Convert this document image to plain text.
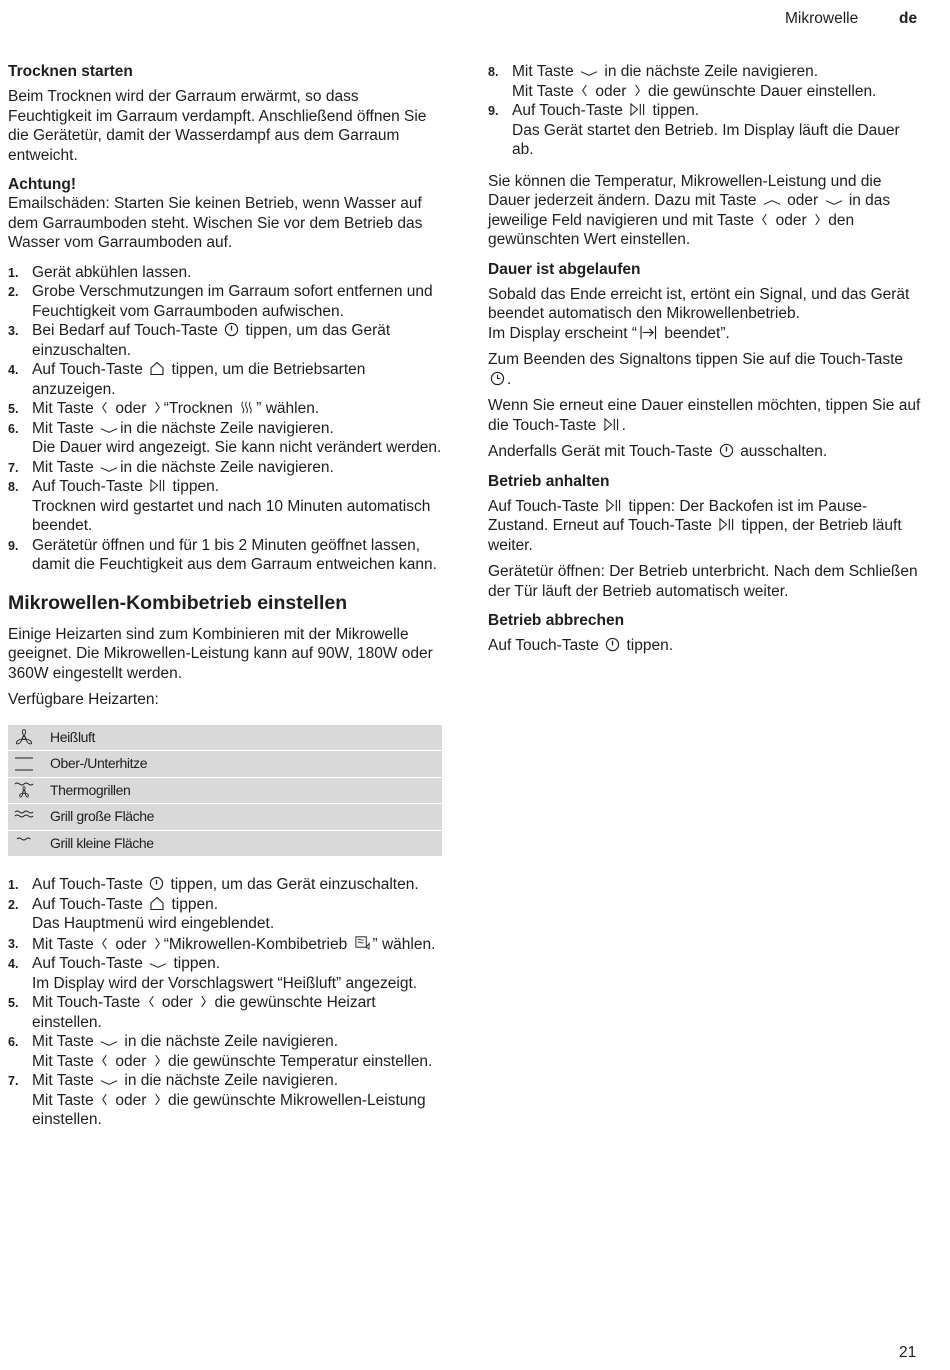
Mikrowelle	de
Trocknen starten

Beim Trocknen wird der Garraum erwärmt, so dass Feuchtigkeit im Garraum verdampft. Anschließend öffnen Sie die Gerätetür, damit der Wasserdampf aus dem Garraum entweicht.

Achtung!

Emailschäden: Starten Sie keinen Betrieb, wenn Wasser auf dem Garraumboden steht. Wischen Sie vor dem Betrieb das Wasser vom Garraumboden auf.

1. Gerät abkühlen lassen.
2. Grobe Verschmutzungen im Garraum sofort entfernen und Feuchtigkeit vom Garraumboden aufwischen.
3. Bei Bedarf auf Touch-Taste tippen, um das Gerät einzuschalten.
4. Auf Touch-Taste tippen, um die Betriebsarten anzuzeigen.
5. Mit Taste oder “Trocknen ” wählen.
6. Mit Taste in die nächste Zeile navigieren.
Die Dauer wird angezeigt. Sie kann nicht verändert werden.
7. Mit Taste in die nächste Zeile navigieren.
8. Auf Touch-Taste tippen.
Trocknen wird gestartet und nach 10 Minuten automatisch beendet.
9. Gerätetür öffnen und für 1 bis 2 Minuten geöffnet lassen, damit die Feuchtigkeit aus dem Garraum entweichen kann.
Mikrowellen-Kombibetrieb einstellen

Einige Heizarten sind zum Kombinieren mit der Mikrowelle geeignet. Die Mikrowellen-Leistung kann auf 90W, 180W oder 360W eingestellt werden.

Verfügbare Heizarten:

Heißluft
Ober-/Unterhitze
Thermogrillen
Grill große Fläche
Grill kleine Fläche
1. Auf Touch-Taste tippen, um das Gerät einzuschalten.
2. Auf Touch-Taste tippen.
Das Hauptmenü wird eingeblendet.
3. Mit Taste oder “Mikrowellen-Kombibetrieb ” wählen.
4. Auf Touch-Taste tippen.
Im Display wird der Vorschlagswert “Heißluft” angezeigt.
5. Mit Touch-Taste oder die gewünschte Heizart einstellen.
6. Mit Taste in die nächste Zeile navigieren.
Mit Taste oder die gewünschte Temperatur einstellen.
7. Mit Taste in die nächste Zeile navigieren.
Mit Taste oder die gewünschte Mikrowellen-Leistung einstellen.
8. Mit Taste in die nächste Zeile navigieren.
Mit Taste oder die gewünschte Dauer einstellen.
9. Auf Touch-Taste tippen.
Das Gerät startet den Betrieb. Im Display läuft die Dauer ab.

Sie können die Temperatur, Mikrowellen-Leistung und die Dauer jederzeit ändern. Dazu mit Taste oder in das jeweilige Feld navigieren und mit Taste oder den gewünschten Wert einstellen.

Dauer ist abgelaufen

Sobald das Ende erreicht ist, ertönt ein Signal, und das Gerät beendet automatisch den Mikrowellenbetrieb.
Im Display erscheint “ beendet”.

Zum Beenden des Signaltons tippen Sie auf die Touch-Taste
.

Wenn Sie erneut eine Dauer einstellen möchten, tippen Sie auf die Touch-Taste .

Anderfalls Gerät mit Touch-Taste ausschalten.

Betrieb anhalten

Auf Touch-Taste tippen: Der Backofen ist im Pause-Zustand. Erneut auf Touch-Taste tippen, der Betrieb läuft weiter.

Gerätetür öffnen: Der Betrieb unterbricht. Nach dem Schließen der Tür läuft der Betrieb automatisch weiter.

Betrieb abbrechen

Auf Touch-Taste tippen.

21
